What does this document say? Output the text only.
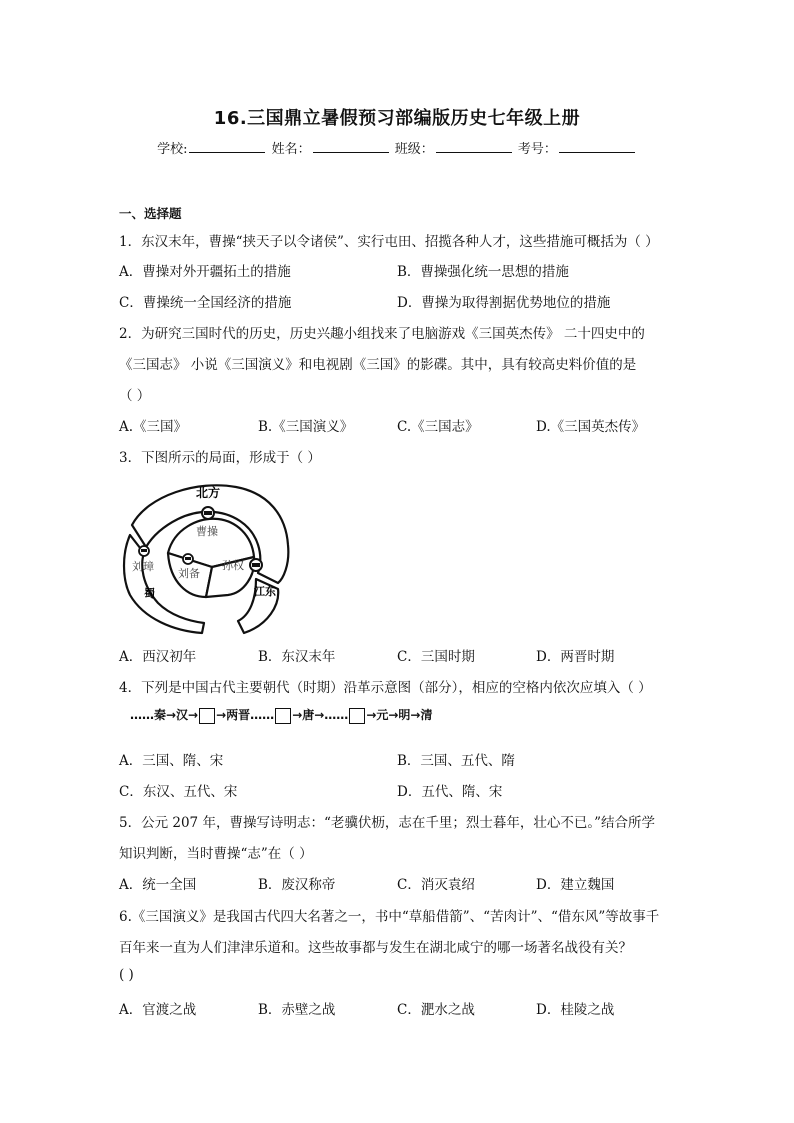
16.三国鼎立暑假预习部编版历史七年级上册
学校:	姓名：	班级：	考号：
一、选择题
1．东汉末年，曹操“挟天子以令诸侯”、实行屯田、招揽各种人才，这些措施可概括为（ ）
A．曹操对外开疆拓土的措施	B．曹操强化统一思想的措施
C．曹操统一全国经济的措施	D．曹操为取得割据优势地位的措施
2．为研究三国时代的历史，历史兴趣小组找来了电脑游戏《三国英杰传》 二十四史中的
《三国志》 小说《三国演义》和电视剧《三国》的影碟。其中，具有较高史料价值的是
（ ）
A.《三国》	B.《三国演义》	C.《三国志》	D.《三国英杰传》
3．下图所示的局面，形成于（ ）
北方
曹操
刘璋
刘备
孙权
蜀	江东
A．西汉初年	B．东汉末年	C．三国时期	D．两晋时期
4．下列是中国古代主要朝代（时期）沿革示意图（部分），相应的空格内依次应填入（ ）
……秦→汉→ →两晋…… →唐→…… →元→明→清
A．三国、隋、宋	B．三国、五代、隋
C．东汉、五代、宋	D．五代、隋、宋
5．公元 207 年，曹操写诗明志：“老骥伏枥，志在千里；烈士暮年，壮心不已。”结合所学
知识判断，当时曹操“志”在（ ）
A．统一全国	B．废汉称帝	C．消灭袁绍	D．建立魏国
6.《三国演义》是我国古代四大名著之一，书中“草船借箭”、“苦肉计”、“借东风”等故事千
百年来一直为人们津津乐道和。这些故事都与发生在湖北咸宁的哪一场著名战役有关？
( )
A．官渡之战	B．赤壁之战	C．淝水之战	D．桂陵之战
